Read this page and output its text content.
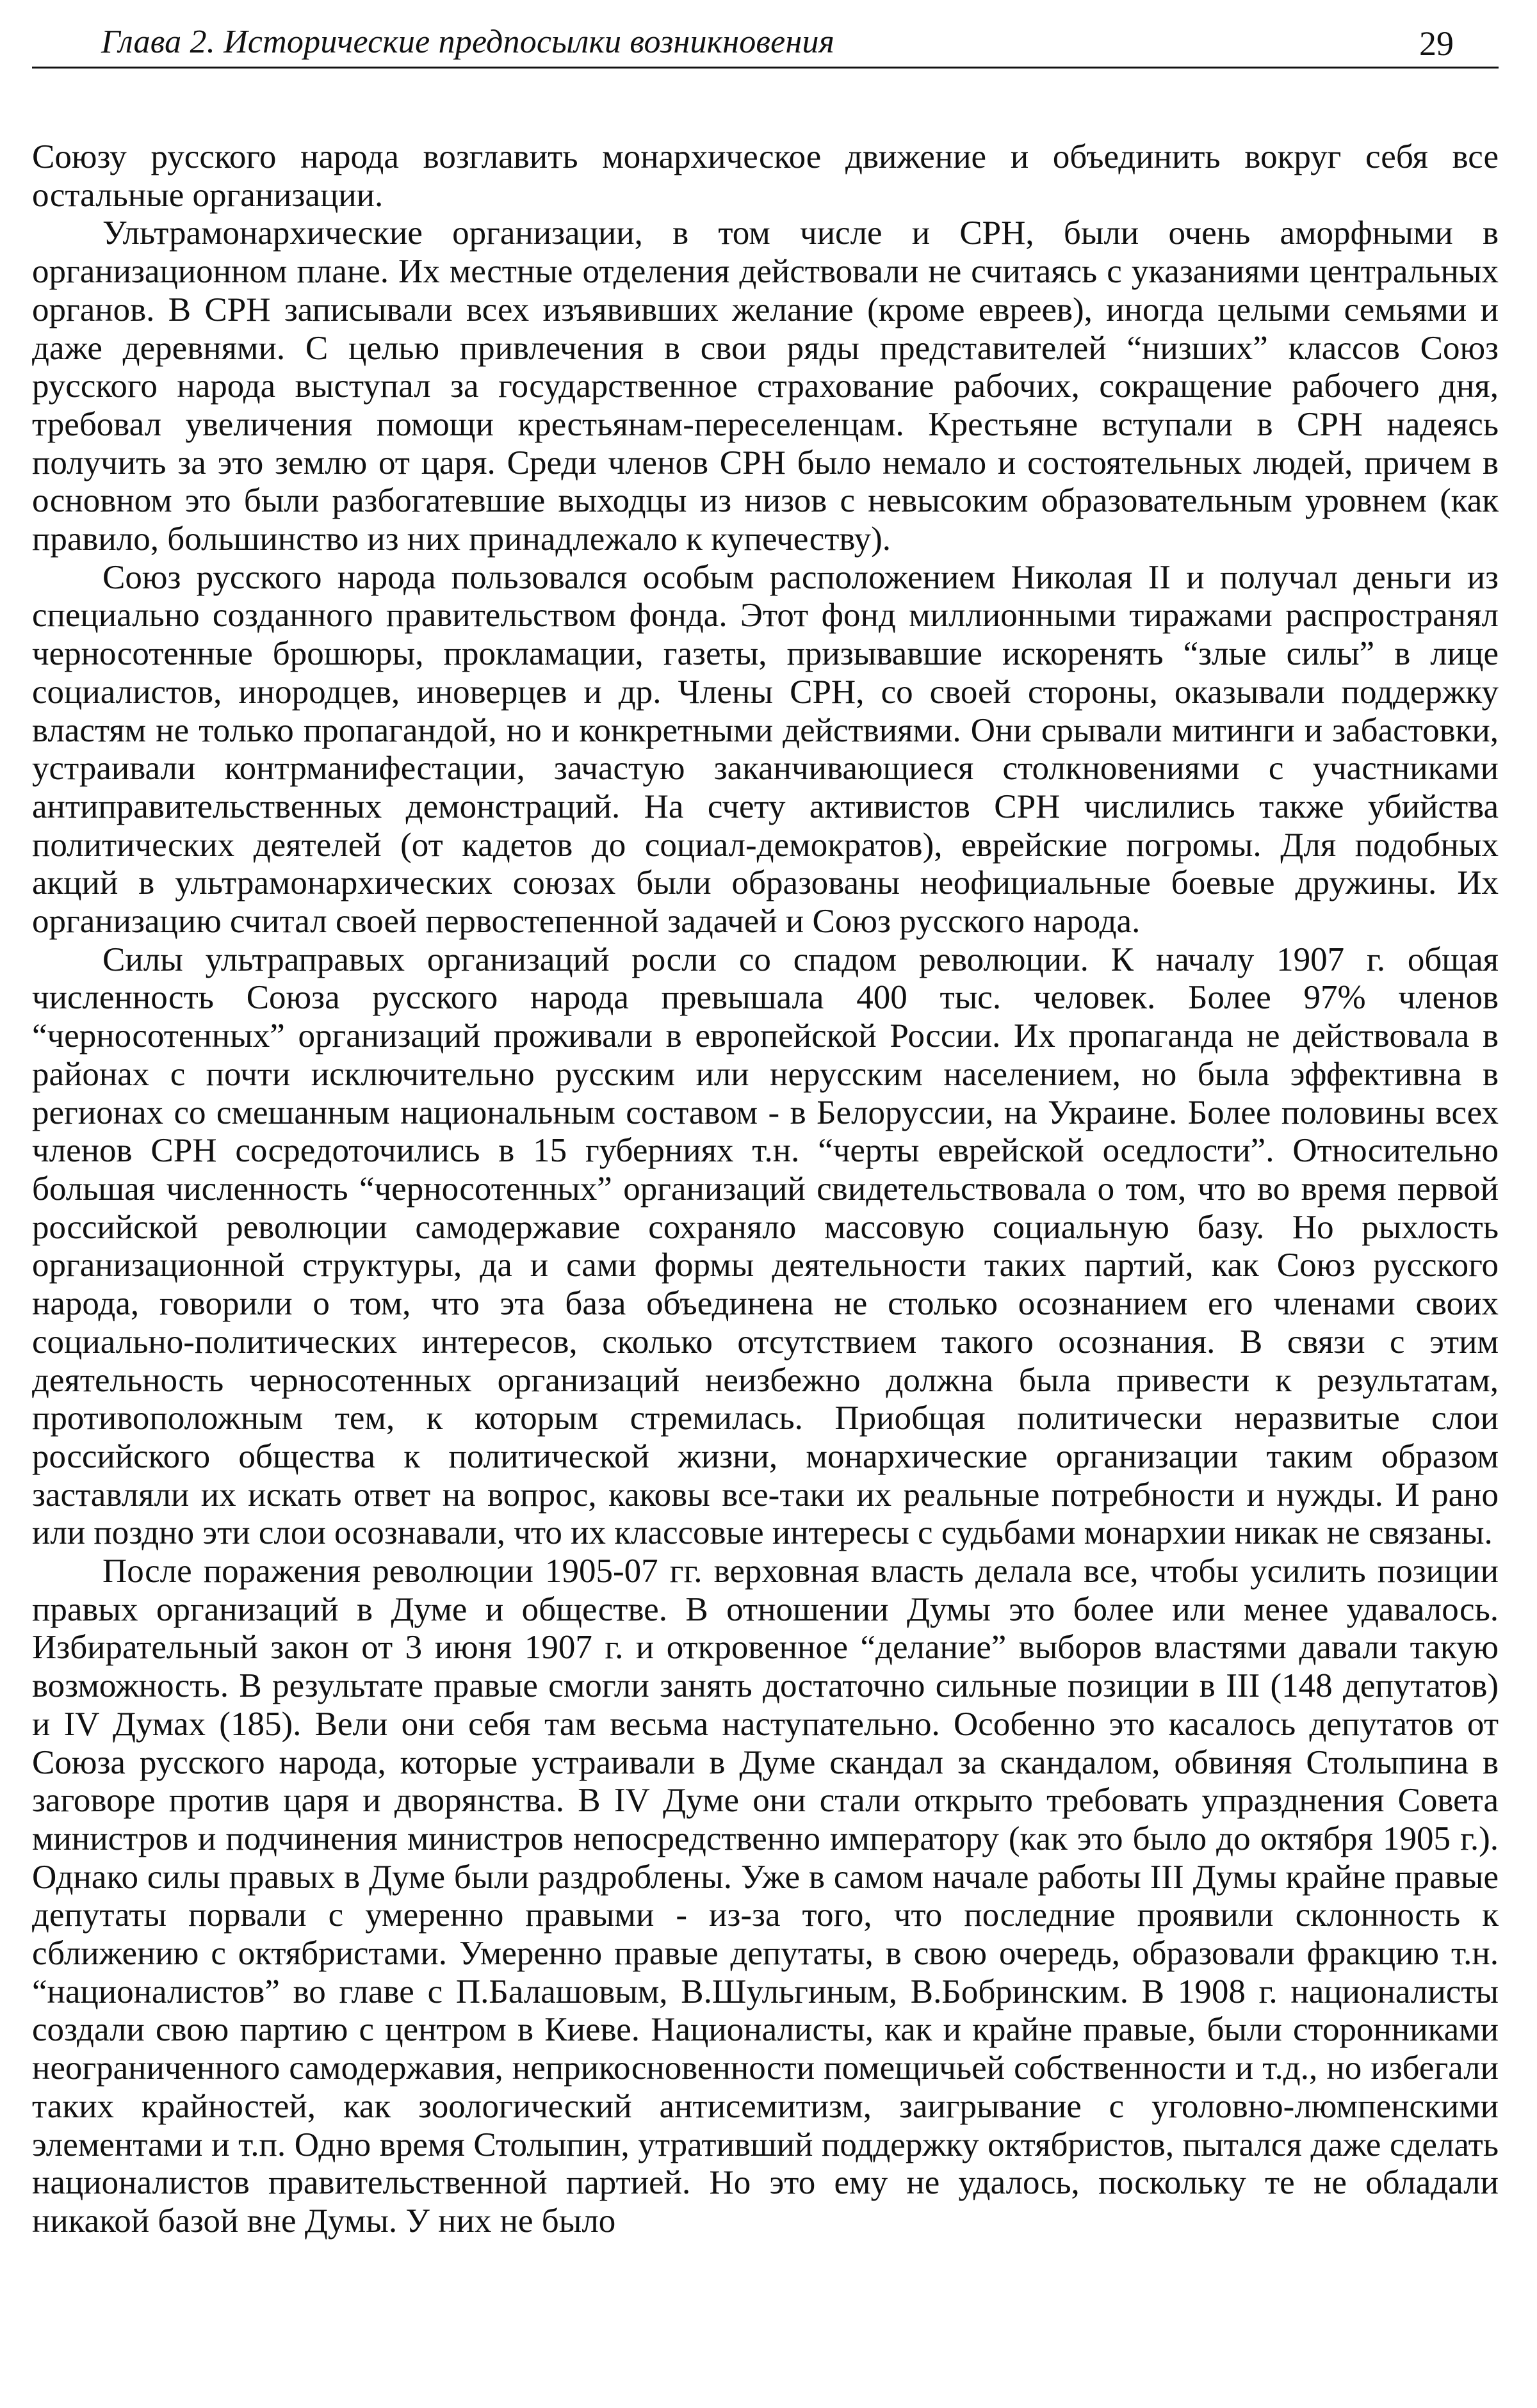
Глава 2. Исторические предпосылки возникновения	29

Союзу русского народа возглавить монархическое движение и объединить вокруг себя все остальные организации.

Ультрамонархические организации, в том числе и СРН, были очень аморфными в организационном плане. Их местные отделения действовали не считаясь с указаниями центральных органов. В СРН записывали всех изъявивших желание (кроме евреев), иногда целыми семьями и даже деревнями. С целью привлечения в свои ряды представителей “низших” классов Союз русского народа выступал за государственное страхование рабочих, сокращение рабочего дня, требовал увеличения помощи крестьянам-переселенцам. Крестьяне вступали в СРН надеясь получить за это землю от царя. Среди членов СРН было немало и состоятельных людей, причем в основном это были разбогатевшие выходцы из низов с невысоким образовательным уровнем (как правило, большинство из них принадлежало к купечеству).

Союз русского народа пользовался особым расположением Николая II и получал деньги из специально созданного правительством фонда. Этот фонд миллионными тиражами распространял черносотенные брошюры, прокламации, газеты, призывавшие искоренять “злые силы” в лице социалистов, инородцев, иноверцев и др. Члены СРН, со своей стороны, оказывали поддержку властям не только пропагандой, но и конкретными действиями. Они срывали митинги и забастовки, устраивали контрманифестации, зачастую заканчивающиеся столкновениями с участниками антиправительственных демонстраций. На счету активистов СРН числились также убийства политических деятелей (от кадетов до социал-демократов), еврейские погромы. Для подобных акций в ультрамонархических союзах были образованы неофициальные боевые дружины. Их организацию считал своей первостепенной задачей и Союз русского народа.

Силы ультраправых организаций росли со спадом революции. К началу 1907 г. общая численность Союза русского народа превышала 400 тыс. человек. Более 97% членов “черносотенных” организаций проживали в европейской России. Их пропаганда не действовала в районах с почти исключительно русским или нерусским населением, но была эффективна в регионах со смешанным национальным составом - в Белоруссии, на Украине. Более половины всех членов СРН сосредоточились в 15 губерниях т.н. “черты еврейской оседлости”. Относительно большая численность “черносотенных” организаций свидетельствовала о том, что во время первой российской революции самодержавие сохраняло массовую социальную базу. Но рыхлость организационной структуры, да и сами формы деятельности таких партий, как Союз русского народа, говорили о том, что эта база объединена не столько осознанием его членами своих социально-политических интересов, сколько отсутствием такого осознания. В связи с этим деятельность черносотенных организаций неизбежно должна была привести к результатам, противоположным тем, к которым стремилась. Приобщая политически неразвитые слои российского общества к политической жизни, монархические организации таким образом заставляли их искать ответ на вопрос, каковы все-таки их реальные потребности и нужды. И рано или поздно эти слои осознавали, что их классовые интересы с судьбами монархии никак не связаны.

После поражения революции 1905-07 гг. верховная власть делала все, чтобы усилить позиции правых организаций в Думе и обществе. В отношении Думы это более или менее удавалось. Избирательный закон от 3 июня 1907 г. и откровенное “делание” выборов властями давали такую возможность. В результате правые смогли занять достаточно сильные позиции в III (148 депутатов) и IV Думах (185). Вели они себя там весьма наступательно. Особенно это касалось депутатов от Союза русского народа, которые устраивали в Думе скандал за скандалом, обвиняя Столыпина в заговоре против царя и дворянства. В IV Думе они стали открыто требовать упразднения Совета министров и подчинения министров непосредственно императору (как это было до октября 1905 г.). Однако силы правых в Думе были раздроблены. Уже в самом начале работы III Думы крайне правые депутаты порвали с умеренно правыми - из-за того, что последние проявили склонность к сближению с октябристами. Умеренно правые депутаты, в свою очередь, образовали фракцию т.н. “националистов” во главе с П.Балашовым, В.Шульгиным, В.Бобринским. В 1908 г. националисты создали свою партию с центром в Киеве. Националисты, как и крайне правые, были сторонниками неограниченного самодержавия, неприкосновенности помещичьей собственности и т.д., но избегали таких крайностей, как зоологический антисемитизм, заигрывание с уголовно-люмпенскими элементами и т.п. Одно время Столыпин, утративший поддержку октябристов, пытался даже сделать националистов правительственной партией. Но это ему не удалось, поскольку те не обладали никакой базой вне Думы. У них не было
